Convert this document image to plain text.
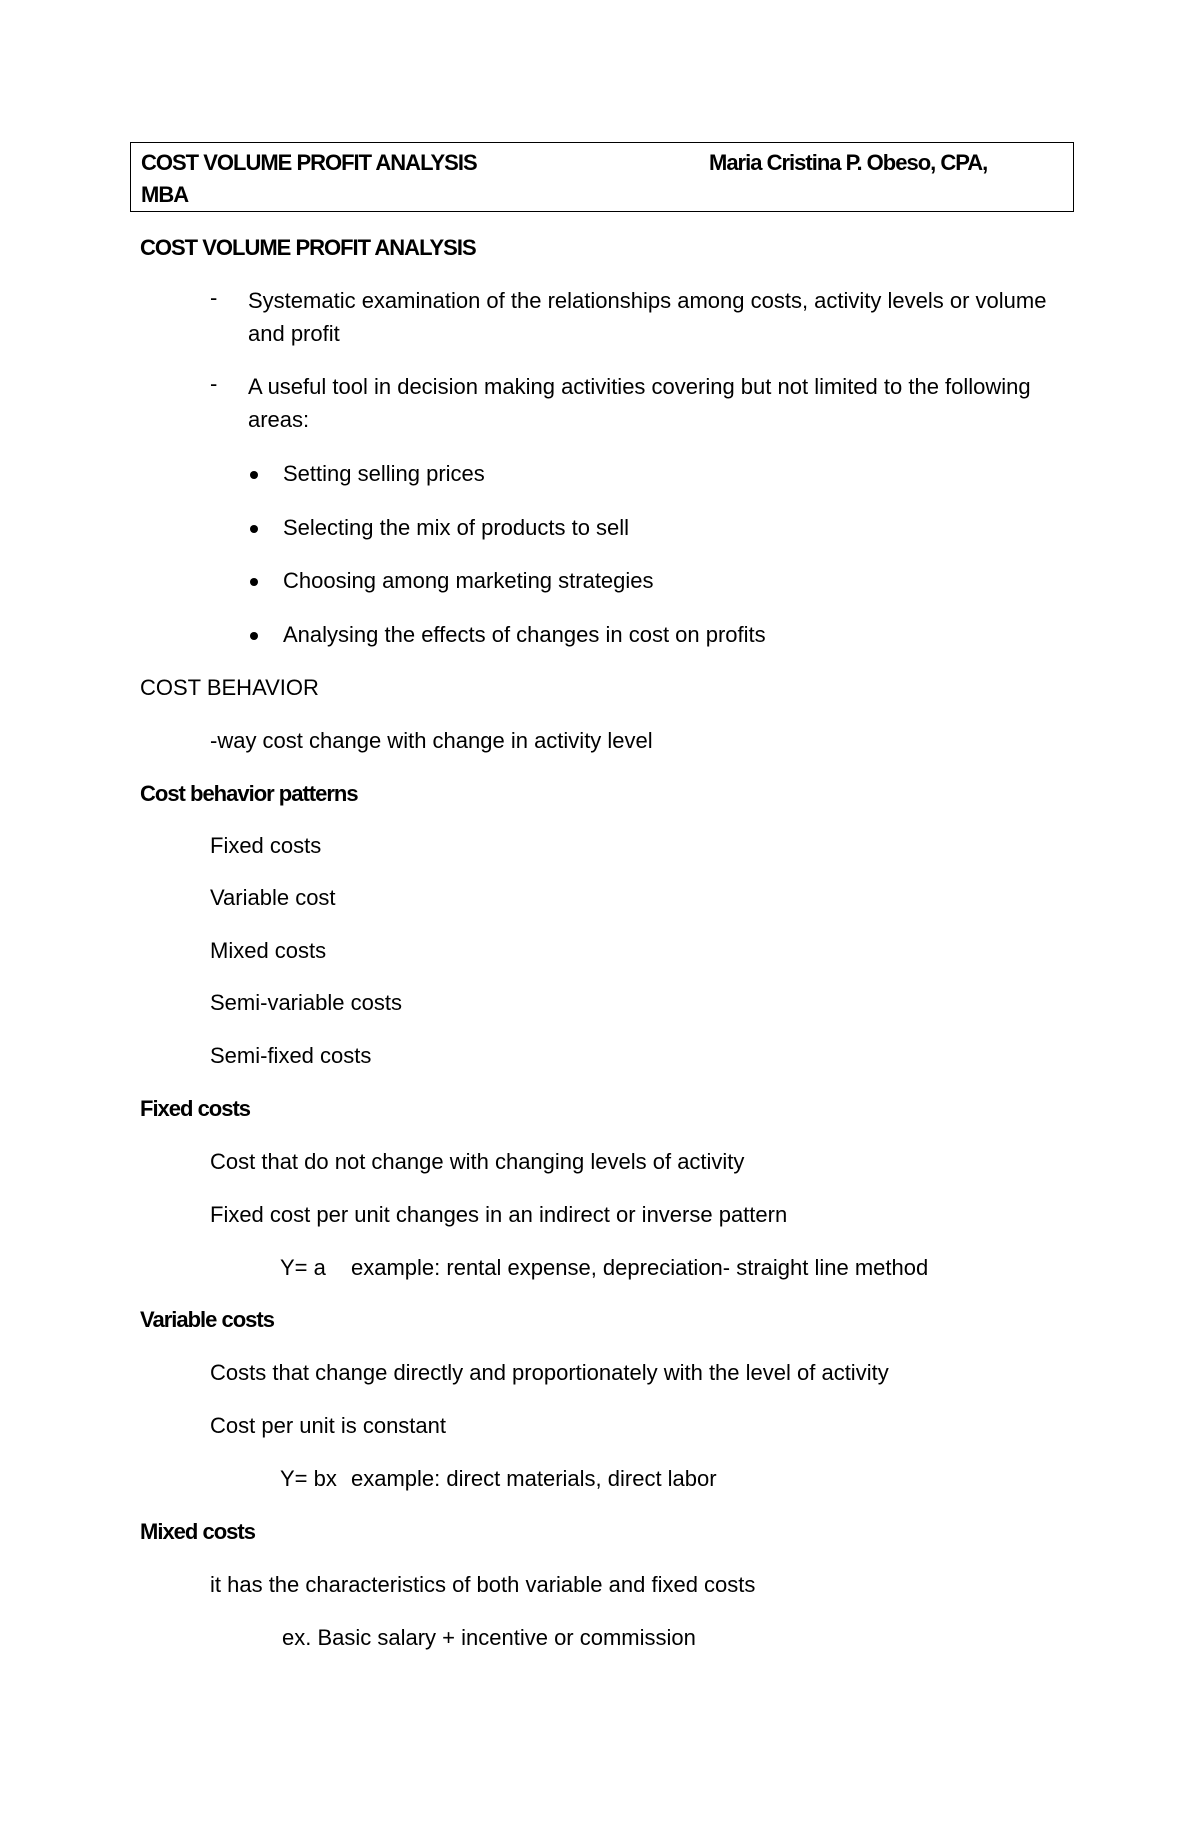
COST VOLUME PROFIT ANALYSIS
MBA
Maria Cristina P. Obeso, CPA,
COST VOLUME PROFIT ANALYSIS
- Systematic examination of the relationships among costs, activity levels or volume and profit
- A useful tool in decision making activities covering but not limited to the following areas:
Setting selling prices
Selecting the mix of products to sell
Choosing among marketing strategies
Analysing the effects of changes in cost on profits
COST BEHAVIOR
-way cost change with change in activity level
Cost behavior patterns
Fixed costs
Variable cost
Mixed costs
Semi-variable costs
Semi-fixed costs
Fixed costs
Cost that do not change with changing levels of activity
Fixed cost per unit changes in an indirect or inverse pattern
Y= a example: rental expense, depreciation- straight line method
Variable costs
Costs that change directly and proportionately with the level of activity
Cost per unit is constant
Y= bx example: direct materials, direct labor
Mixed costs
it has the characteristics of both variable and fixed costs
ex. Basic salary + incentive or commission
